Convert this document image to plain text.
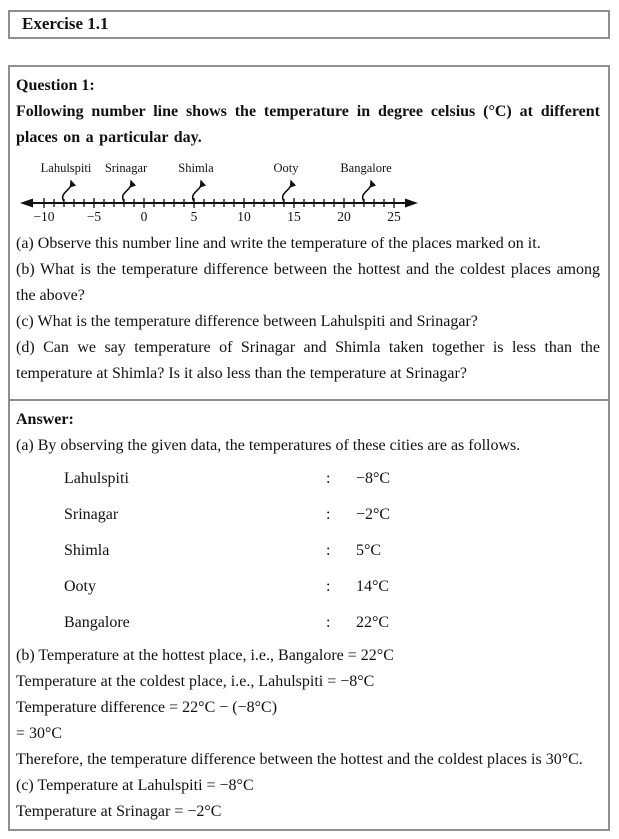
Exercise 1.1

Question 1:

Following number line shows the temperature in degree celsius (°C) at different places on a particular day.

−10 −5	0	5	10	15	20	25
Lahulspiti Srinagar Shimla	Ooty	Bangalore

(a) Observe this number line and write the temperature of the places marked on it.

(b) What is the temperature difference between the hottest and the coldest places among the above?

(c) What is the temperature difference between Lahulspiti and Srinagar?

(d) Can we say temperature of Srinagar and Shimla taken together is less than the temperature at Shimla? Is it also less than the temperature at Srinagar?

Answer:

(a) By observing the given data, the temperatures of these cities are as follows.

Lahulspiti	:	−8°C
Srinagar	:	−2°C
Shimla	:	5°C
Ooty	:	14°C
Bangalore	:	22°C

(b) Temperature at the hottest place, i.e., Bangalore = 22°C

Temperature at the coldest place, i.e., Lahulspiti = −8°C

Temperature difference = 22°C − (−8°C)

= 30°C

Therefore, the temperature difference between the hottest and the coldest places is 30°C.

(c) Temperature at Lahulspiti = −8°C

Temperature at Srinagar = −2°C
